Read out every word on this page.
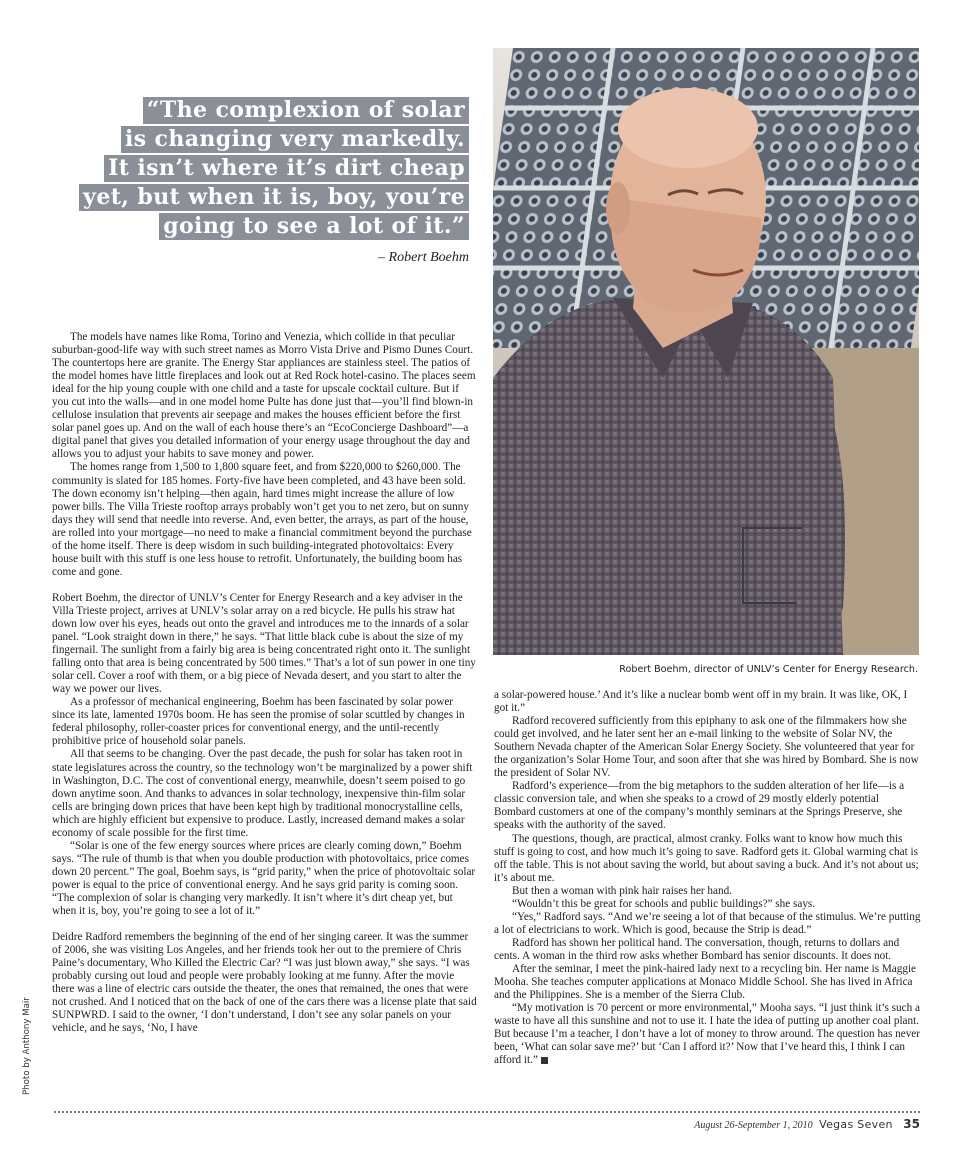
“The complexion of solar
is changing very markedly.
It isn’t where it’s dirt cheap
yet, but when it is, boy, you’re
going to see a lot of it.”
– Robert Boehm
Robert Boehm, director of UNLV’s Center for Energy Research.
Photo by Anthony Mair

The models have names like Roma, Torino and Venezia, which collide in that peculiar suburban-good-life way with such street names as Morro Vista Drive and Pismo Dunes Court. The countertops here are granite. The Energy Star appliances are stainless steel. The patios of the model homes have little fireplaces and look out at Red Rock hotel-casino. The places seem ideal for the hip young couple with one child and a taste for upscale cocktail culture. But if you cut into the walls—and in one model home Pulte has done just that—you’ll find blown-in cellulose insulation that prevents air seepage and makes the houses efficient before the first solar panel goes up. And on the wall of each house there’s an “EcoConcierge Dashboard”—a digital panel that gives you detailed information of your energy usage throughout the day and allows you to adjust your habits to save money and power.

The homes range from 1,500 to 1,800 square feet, and from $220,000 to $260,000. The community is slated for 185 homes. Forty-five have been completed, and 43 have been sold. The down economy isn’t helping—then again, hard times might increase the allure of low power bills. The Villa Trieste rooftop arrays probably won’t get you to net zero, but on sunny days they will send that needle into reverse. And, even better, the arrays, as part of the house, are rolled into your mortgage—no need to make a financial commitment beyond the purchase of the home itself. There is deep wisdom in such building-integrated photovoltaics: Every house built with this stuff is one less house to retrofit. Unfortunately, the building boom has come and gone.

Robert Boehm, the director of UNLV’s Center for Energy Research and a key adviser in the Villa Trieste project, arrives at UNLV’s solar array on a red bicycle. He pulls his straw hat down low over his eyes, heads out onto the gravel and introduces me to the innards of a solar panel. “Look straight down in there,” he says. “That little black cube is about the size of my fingernail. The sunlight from a fairly big area is being concentrated right onto it. The sunlight falling onto that area is being concentrated by 500 times.” That’s a lot of sun power in one tiny solar cell. Cover a roof with them, or a big piece of Nevada desert, and you start to alter the way we power our lives.

As a professor of mechanical engineering, Boehm has been fascinated by solar power since its late, lamented 1970s boom. He has seen the promise of solar scuttled by changes in federal philosophy, roller-coaster prices for conventional energy, and the until-recently prohibitive price of household solar panels.

All that seems to be changing. Over the past decade, the push for solar has taken root in state legislatures across the country, so the technology won’t be marginalized by a power shift in Washington, D.C. The cost of conventional energy, meanwhile, doesn’t seem poised to go down anytime soon. And thanks to advances in solar technology, inexpensive thin-film solar cells are bringing down prices that have been kept high by traditional monocrystalline cells, which are highly efficient but expensive to produce. Lastly, increased demand makes a solar economy of scale possible for the first time.

“Solar is one of the few energy sources where prices are clearly coming down,” Boehm says. “The rule of thumb is that when you double production with photovoltaics, price comes down 20 percent.” The goal, Boehm says, is “grid parity,” when the price of photovoltaic solar power is equal to the price of conventional energy. And he says grid parity is coming soon. “The complexion of solar is changing very markedly. It isn’t where it’s dirt cheap yet, but when it is, boy, you’re going to see a lot of it.”

Deidre Radford remembers the beginning of the end of her singing career. It was the summer of 2006, she was visiting Los Angeles, and her friends took her out to the premiere of Chris Paine’s documentary, Who Killed the Electric Car? “I was just blown away,” she says. “I was probably cursing out loud and people were probably looking at me funny. After the movie there was a line of electric cars outside the theater, the ones that remained, the ones that were not crushed. And I noticed that on the back of one of the cars there was a license plate that said SUNPWRD. I said to the owner, ‘I don’t understand, I don’t see any solar panels on your vehicle, and he says, ‘No, I have

a solar-powered house.’ And it’s like a nuclear bomb went off in my brain. It was like, OK, I got it.”

Radford recovered sufficiently from this epiphany to ask one of the filmmakers how she could get involved, and he later sent her an e-mail linking to the website of Solar NV, the Southern Nevada chapter of the American Solar Energy Society. She volunteered that year for the organization’s Solar Home Tour, and soon after that she was hired by Bombard. She is now the president of Solar NV.

Radford’s experience—from the big metaphors to the sudden alteration of her life—is a classic conversion tale, and when she speaks to a crowd of 29 mostly elderly potential Bombard customers at one of the company’s monthly seminars at the Springs Preserve, she speaks with the authority of the saved.

The questions, though, are practical, almost cranky. Folks want to know how much this stuff is going to cost, and how much it’s going to save. Radford gets it. Global warming chat is off the table. This is not about saving the world, but about saving a buck. And it’s not about us; it’s about me.

But then a woman with pink hair raises her hand.

“Wouldn’t this be great for schools and public buildings?” she says.

“Yes,” Radford says. “And we’re seeing a lot of that because of the stimulus. We’re putting a lot of electricians to work. Which is good, because the Strip is dead.”

Radford has shown her political hand. The conversation, though, returns to dollars and cents. A woman in the third row asks whether Bombard has senior discounts. It does not.

After the seminar, I meet the pink-haired lady next to a recycling bin. Her name is Maggie Mooha. She teaches computer applications at Monaco Middle School. She has lived in Africa and the Philippines. She is a member of the Sierra Club.

“My motivation is 70 percent or more environmental,” Mooha says. “I just think it’s such a waste to have all this sunshine and not to use it. I hate the idea of putting up another coal plant. But because I’m a teacher, I don’t have a lot of money to throw around. The question has never been, ‘What can solar save me?’ but ‘Can I afford it?’ Now that I’ve heard this, I think I can afford it.”

August 26-September 1, 2010 Vegas Seven 35
